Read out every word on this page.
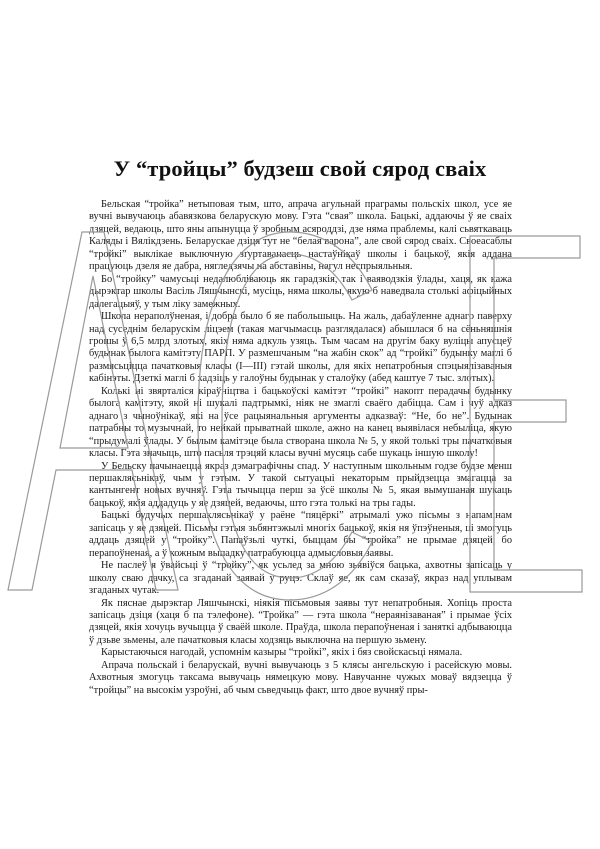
У “тройцы” будзеш свой сярод сваіх

Бельская “тройка” нетыповая тым, што, апрача агульнай праграмы польскіх школ, усе яе вучні вывучаюць абавязкова беларускую мову. Гэта “свая” школа. Бацькі, аддаючы ў яе сваіх дзяцей, ведаюць, што яны апынуцца ў зробным асяроддзі, дзе няма праблемы, калі сьвяткаваць Каляды і Вялікдзень. Беларускае дзіця тут не “белая варона”, але свой сярод сваіх. Своеасаблы “тройкі” выклікае выключную зґуртаванасць настаўнікаў школы і бацькоў, якія аддана працуюць дзеля яе дабра, нягледзячы на абставіны, нагул неспрыяльныя.

Бо “тройку” чамусьці недалюбліваюць як гарадзкія, так і ваяводзкія ўлады, хаця, як кажа дырэктар школы Васіль Ляшчынскі, мусіць, няма школы, якую б наведвала столькі афіцыйных далегацыяў, у тым ліку замежных.

Школа нераполўненая, і добра было б яе пабольшыць. На жаль, дабаўленне аднаго паверху над суседнім беларускім ліцэем (такая магчымасць разглядалася) абышлася б на сёньняшнія грошы ў 6,5 млрд злотых, якіх няма адкуль узяць. Тым часам на другім баку вуліцы апусцеў будынак былога камітэту ПАРП. У размешчаным “на жабін скок” ад “тройкі” будынку маглі б размясьціцца пачатковыя класы (І—ІІІ) гэтай школы, для якіх непатробныя спэцыялізаваныя кабінэты. Дзеткі маглі б хадзіць у галоўны будынак у сталоўку (абед каштуе 7 тыс. злотых).

Колькі ні звярталіся кіраўніцтва і бацькоўскі камітэт “тройкі” накопт перадачы будынку былога камітэту, якой ні шукалі падтрымкі, ніяк не змаглі сваёго дабіцца. Сам і чуў адказ аднаго з чыноўнікаў, які на ўсе рацыянальныя аргументы адказваў: “Не, бо не”. Будынак патрабны то музычнай, то нейкай прыватнай школе, ажно на канец выявілася небыліца, якую “прыдумалі ўлады. У былым камітэце была створана школа № 5, у якой толькі тры пачатковыя класы. Гэта значыць, што пасьля трэцяй класы вучні мусяць сабе шукаць іншую школу!

У Бельску пачынаецца якраз дэмаграфічны спад. У наступным школьным годзе будзе менш першаклясьнікаў, чым у гэтым. У такой сытуацыі некаторым прыйдзецца змагацца за кантынгент новых вучняў. Гэта тычыцца перш за ўсё школы № 5, якая вымушаная шукаць бацькоў, якія аддадуць у яе дзяцей, ведаючы, што гэта толькі на тры гады.

Бацькі будучых першаклясьнікаў у раёне “пяцёркі” атрымалі ужо пісьмы з напамінам запісаць у яе дзяцей. Пісьмы гэтыя зьбянтэжылі многіх бацькоў, якія ня ўпэўненыя, ці змогуць аддаць дзяцей у “тройку”. Папаўзьлі чуткі, быццам бы “тройка” не прымае дзяцей, бо перапоўненая, а ў кожным выпадку патрабуюцца адмысловыя заявы.

Не паслеў я ўвайсьці ў “тройку”, як усьлед за мною зьявіўся бацька, ахвотны запісаць у школу сваю дачку, са згаданай заявай у руцэ. Склаў яе, як сам сказаў, якраз над уплывам згаданых чутак.

Як пяснае дырэктар Ляшчынскі, ніякія пісьмовыя заявы тут непатробныя. Хопіць проста запісаць дзіця (хаця б па тэлефоне). “Тройка” — гэта школа “нераянізаваная” і прымае ўсіх дзяцей, якія хочуць вучыцца ў сваёй школе. Праўда, школа перапоўненая і заняткі адбываюцца ў дзьве зьмены, але пачатковыя класы ходзяць выключна на першую зьмену.

Карыстаючыся нагодай, успомнім казыры “тройкі”, якіх і бяз свойскасьці нямала.

Апрача польскай і беларускай, вучні вывучаюць з 5 клясы ангельскую і расейскую мовы. Ахвотныя змогуць таксама вывучаць нямецкую мову. Навучанне чужых моваў вядзецца ў “тройцы” на высокім узроўні, аб чым сьведчыць факт, што двое вучняў пры-
